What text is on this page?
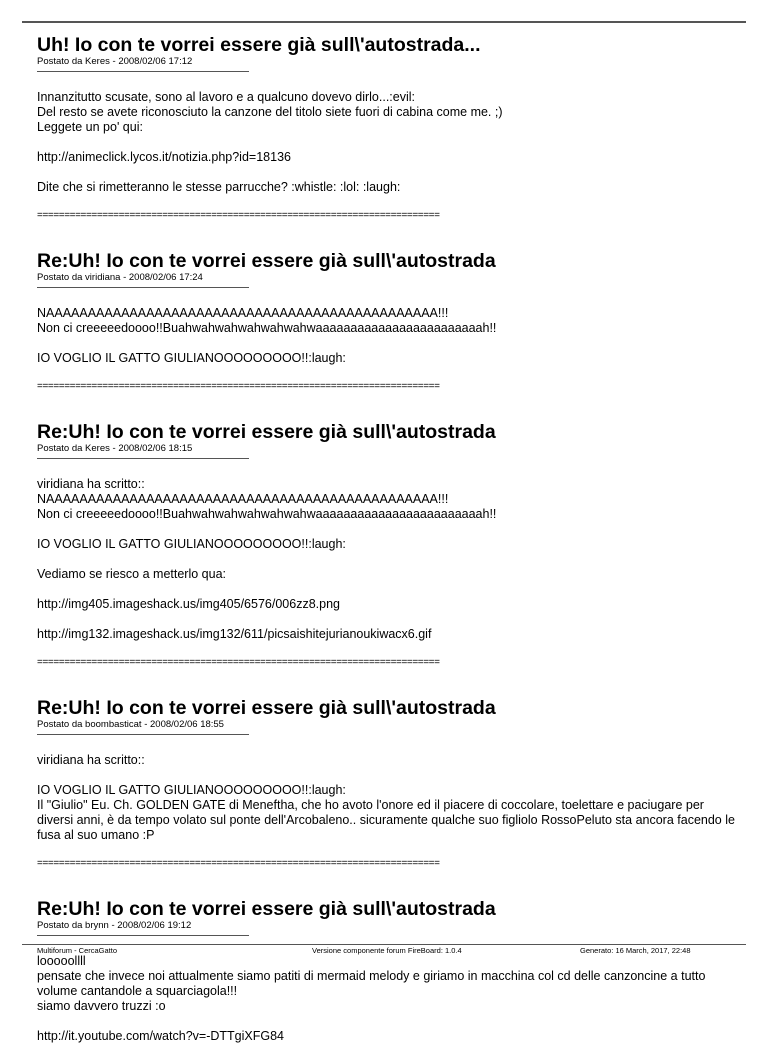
Uh! Io con te vorrei essere già sull\'autostrada...
Postato da Keres - 2008/02/06 17:12

Innanzitutto scusate, sono al lavoro e a qualcuno dovevo dirlo...:evil:
Del resto se avete riconosciuto la canzone del titolo siete fuori di cabina come me. ;)
Leggete un po' qui:

http://animeclick.lycos.it/notizia.php?id=18136

Dite che si rimetteranno le stesse parrucche? :whistle: :lol: :laugh:

==========================================================================
Re:Uh! Io con te vorrei essere già sull\'autostrada
Postato da viridiana - 2008/02/06 17:24

NAAAAAAAAAAAAAAAAAAAAAAAAAAAAAAAAAAAAAAAAAAAAAAA!!!
Non ci creeeeedoooo!!Buahwahwahwahwahwahwaaaaaaaaaaaaaaaaaaaaaaaah!!

IO VOGLIO IL GATTO GIULIANOOOOOOOOO!!:laugh:

==========================================================================
Re:Uh! Io con te vorrei essere già sull\'autostrada
Postato da Keres - 2008/02/06 18:15

viridiana ha scritto::
NAAAAAAAAAAAAAAAAAAAAAAAAAAAAAAAAAAAAAAAAAAAAAAA!!!
Non ci creeeeedoooo!!Buahwahwahwahwahwahwaaaaaaaaaaaaaaaaaaaaaaaah!!

IO VOGLIO IL GATTO GIULIANOOOOOOOOO!!:laugh:

Vediamo se riesco a metterlo qua:

http://img405.imageshack.us/img405/6576/006zz8.png

http://img132.imageshack.us/img132/611/picsaishitejurianoukiwacx6.gif

==========================================================================
Re:Uh! Io con te vorrei essere già sull\'autostrada
Postato da boombasticat - 2008/02/06 18:55

viridiana ha scritto::

IO VOGLIO IL GATTO GIULIANOOOOOOOOO!!:laugh:
Il "Giulio" Eu. Ch. GOLDEN GATE di Meneftha, che ho avoto l'onore ed il piacere di coccolare, toelettare e paciugare per diversi anni, è da tempo volato sul ponte dell'Arcobaleno.. sicuramente qualche suo figliolo RossoPeluto sta ancora facendo le fusa al suo umano :P

==========================================================================
Re:Uh! Io con te vorrei essere già sull\'autostrada
Postato da brynn - 2008/02/06 19:12

looooollll
pensate che invece noi attualmente siamo patiti di mermaid melody e giriamo in macchina col cd delle canzoncine a tutto volume cantandole a squarciagola!!!
siamo davvero truzzi :o

http://it.youtube.com/watch?v=-DTTgiXFG84

Multiforum - CercaGatto	Versione componente forum FireBoard: 1.0.4	Generato: 16 March, 2017, 22:48
